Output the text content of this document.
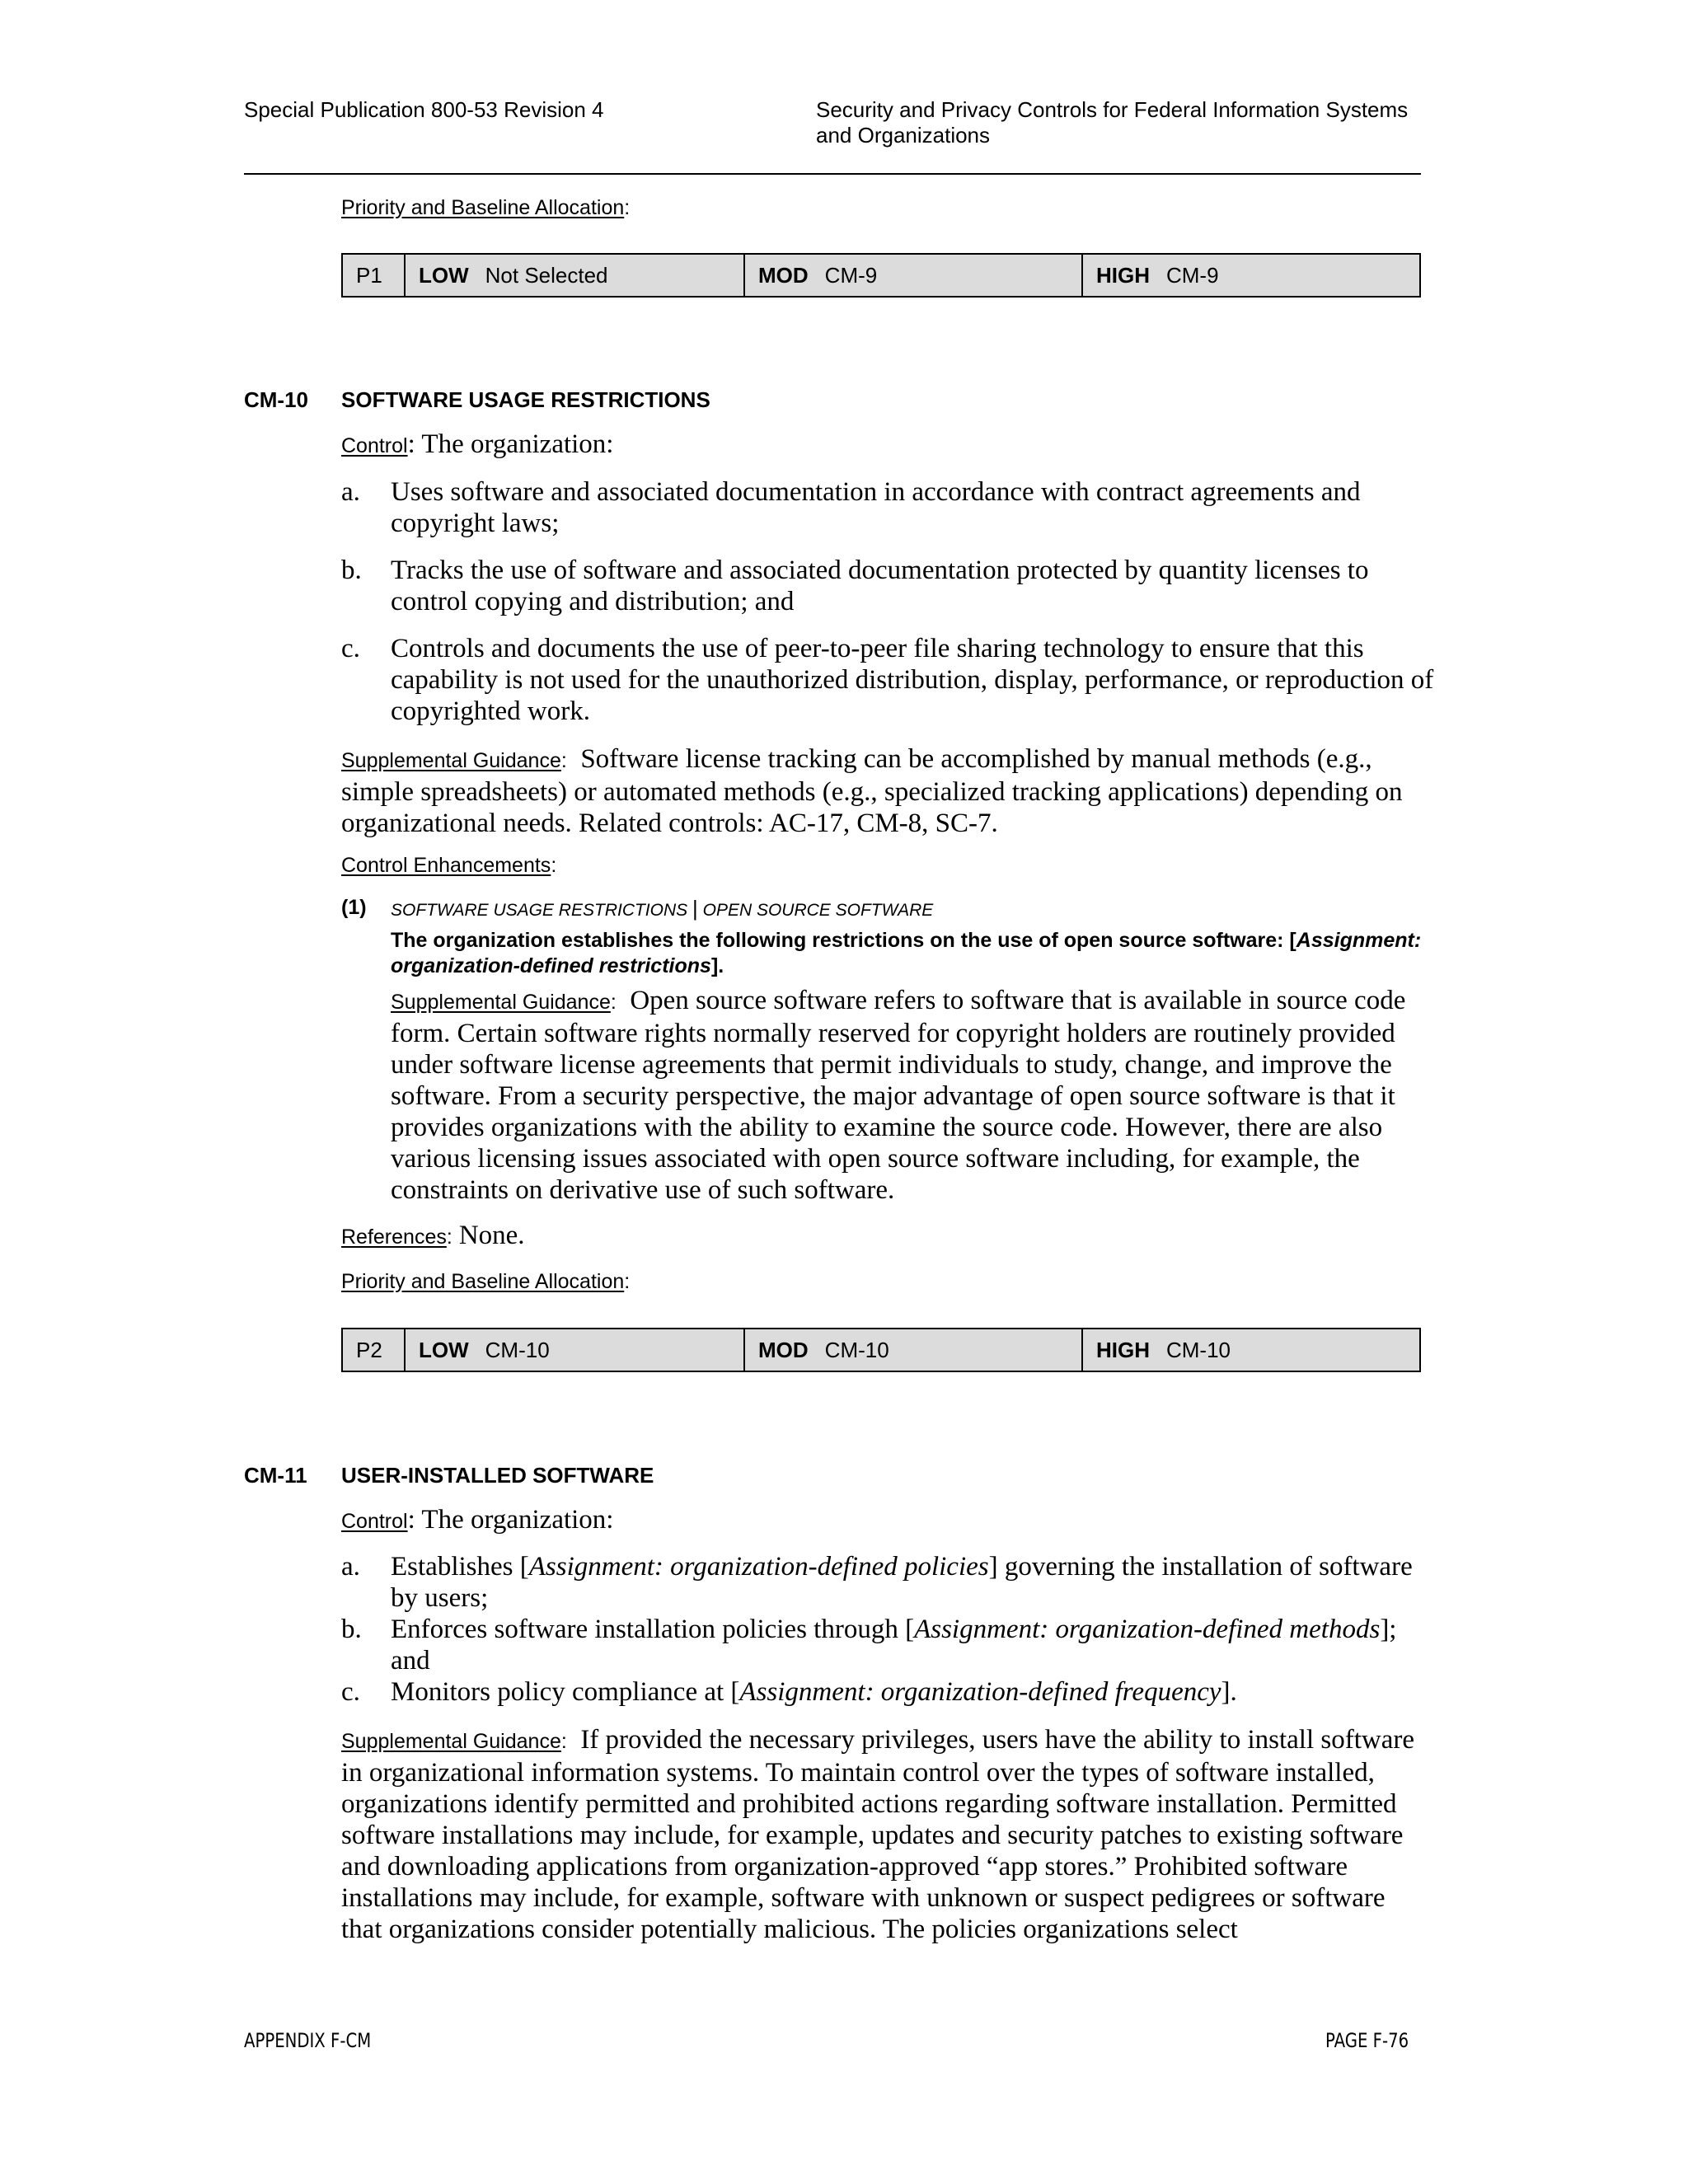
Special Publication 800-53 Revision 4	Security and Privacy Controls for Federal Information Systems
and Organizations
Priority and Baseline Allocation:
P1 LOW Not Selected	MOD CM-9	HIGH CM-9
CM-10 SOFTWARE USAGE RESTRICTIONS
Control: The organization:
a. Uses software and associated documentation in accordance with contract agreements and copyright laws;
b. Tracks the use of software and associated documentation protected by quantity licenses to control copying and distribution; and
c. Controls and documents the use of peer-to-peer file sharing technology to ensure that this capability is not used for the unauthorized distribution, display, performance, or reproduction of copyrighted work.
Supplemental Guidance: Software license tracking can be accomplished by manual methods (e.g., simple spreadsheets) or automated methods (e.g., specialized tracking applications) depending on organizational needs. Related controls: AC-17, CM-8, SC-7.
Control Enhancements:
(1) SOFTWARE USAGE RESTRICTIONS | OPEN SOURCE SOFTWARE
The organization establishes the following restrictions on the use of open source software: [Assignment: organization-defined restrictions].
Supplemental Guidance: Open source software refers to software that is available in source code form. Certain software rights normally reserved for copyright holders are routinely provided under software license agreements that permit individuals to study, change, and improve the software. From a security perspective, the major advantage of open source software is that it provides organizations with the ability to examine the source code. However, there are also various licensing issues associated with open source software including, for example, the constraints on derivative use of such software.
References: None.
Priority and Baseline Allocation:
P2 LOW CM-10	MOD CM-10	HIGH CM-10
CM-11 USER-INSTALLED SOFTWARE
Control: The organization:
a. Establishes [Assignment: organization-defined policies] governing the installation of software by users;
b. Enforces software installation policies through [Assignment: organization-defined methods]; and
c. Monitors policy compliance at [Assignment: organization-defined frequency].
Supplemental Guidance: If provided the necessary privileges, users have the ability to install software in organizational information systems. To maintain control over the types of software installed, organizations identify permitted and prohibited actions regarding software installation. Permitted software installations may include, for example, updates and security patches to existing software and downloading applications from organization-approved “app stores.” Prohibited software installations may include, for example, software with unknown or suspect pedigrees or software that organizations consider potentially malicious. The policies organizations select
APPENDIX F-CM	PAGE F-76
